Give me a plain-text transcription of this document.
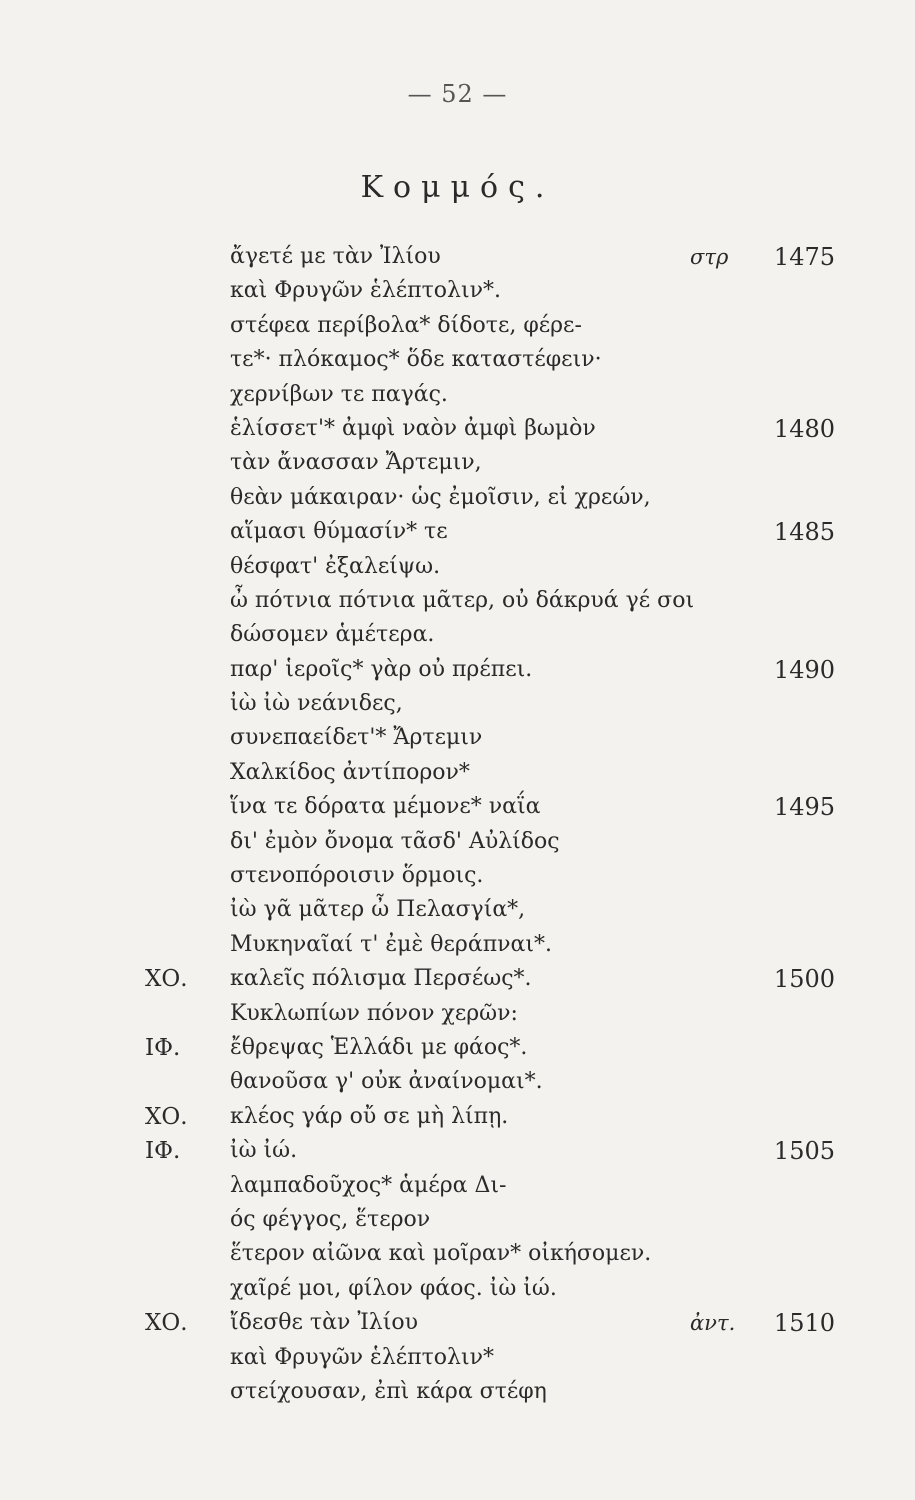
— 52 —
Κομμός.
ἄγετέ με τὰν Ἰλίου	στρ 1475
καὶ Φρυγῶν ἑλέπτολιν*.
στέφεα περίβολα* δίδοτε, φέρε-
τε*· πλόκαμος* ὅδε καταστέφειν·
χερνίβων τε παγάς.
ἑλίσσετ'* ἀμφὶ ναὸν ἀμφὶ βωμὸν	1480
τὰν ἄνασσαν Ἄρτεμιν,
θεὰν μάκαιραν· ὡς ἐμοῖσιν, εἰ χρεών,
αἵμασι θύμασίν* τε	1485
θέσφατ' ἐξαλείψω.
ὦ πότνια πότνια μᾶτερ, οὐ δάκρυά γέ σοι
δώσομεν ἁμέτερα.
παρ' ἱεροῖς* γὰρ οὐ πρέπει.	1490
ἰὼ ἰὼ νεάνιδες,
συνεπαείδετ'* Ἄρτεμιν
Χαλκίδος ἀντίπορον*
ἵνα τε δόρατα μέμονε* ναΐα	1495
δι' ἐμὸν ὄνομα τᾶσδ' Αὐλίδος
στενοπόροισιν ὅρμοις.
ἰὼ γᾶ μᾶτερ ὦ Πελασγία*,
Μυκηναῖαί τ' ἐμὲ θεράπναι*.
ΧΟ. καλεῖς πόλισμα Περσέως*.	1500
Κυκλωπίων πόνον χερῶν:
ΙΦ. ἔθρεψας Ἑλλάδι με φάος*.
θανοῦσα γ' οὐκ ἀναίνομαι*.
ΧΟ. κλέος γάρ οὔ σε μὴ λίπῃ.
ΙΦ. ἰὼ ἰώ.	1505
λαμπαδοῦχος* ἁμέρα Δι-
ός φέγγος, ἕτερον
ἕτερον αἰῶνα καὶ μοῖραν* οἰκήσομεν.
χαῖρέ μοι, φίλον φάος. ἰὼ ἰώ.
ΧΟ. ἴδεσθε τὰν Ἰλίου	ἀντ. 1510
καὶ Φρυγῶν ἑλέπτολιν*
στείχουσαν, ἐπὶ κάρα στέφη
